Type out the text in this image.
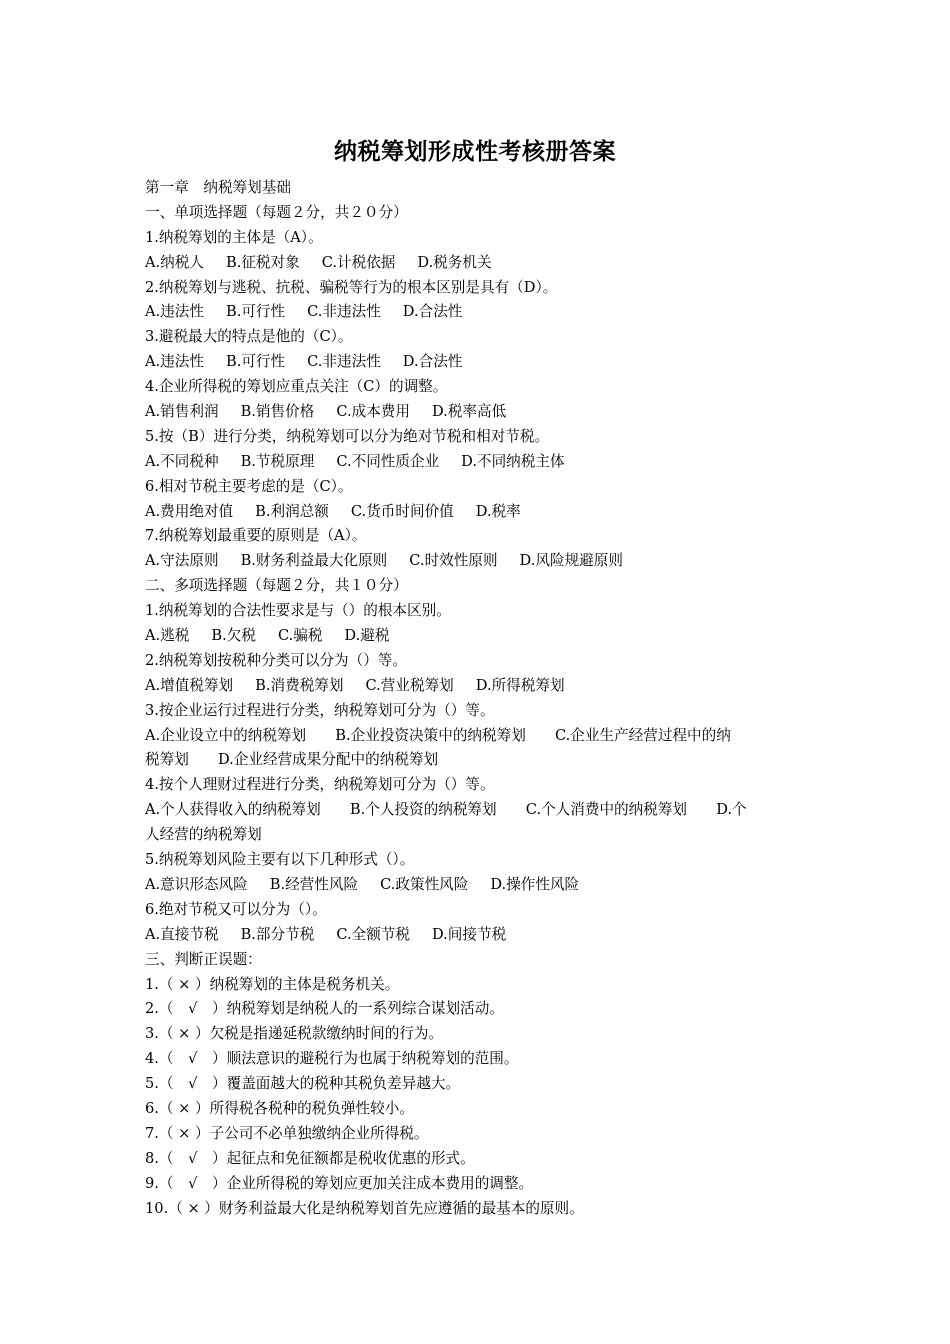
纳税筹划形成性考核册答案
第一章　纳税筹划基础
一、单项选择题（每题２分，共２０分）
1.纳税筹划的主体是（A）。
A.纳税人 B.征税对象 C.计税依据 D.税务机关
2.纳税筹划与逃税、抗税、骗税等行为的根本区别是具有（D）。
A.违法性 B.可行性 C.非违法性 D.合法性
3.避税最大的特点是他的（C）。
A.违法性 B.可行性 C.非违法性 D.合法性
4.企业所得税的筹划应重点关注（C）的调整。
A.销售利润 B.销售价格 C.成本费用 D.税率高低
5.按（B）进行分类，纳税筹划可以分为绝对节税和相对节税。
A.不同税种 B.节税原理 C.不同性质企业 D.不同纳税主体
6.相对节税主要考虑的是（C）。
A.费用绝对值 B.利润总额 C.货币时间价值 D.税率
7.纳税筹划最重要的原则是（A）。
A.守法原则 B.财务利益最大化原则 C.时效性原则 D.风险规避原则
二、多项选择题（每题２分，共１０分）
1.纳税筹划的合法性要求是与（）的根本区别。
A.逃税 B.欠税 C.骗税 D.避税
2.纳税筹划按税种分类可以分为（）等。
A.增值税筹划 B.消费税筹划 C.营业税筹划 D.所得税筹划
3.按企业运行过程进行分类，纳税筹划可分为（）等。
A.企业设立中的纳税筹划　　B.企业投资决策中的纳税筹划　　C.企业生产经营过程中的纳
税筹划　　D.企业经营成果分配中的纳税筹划
4.按个人理财过程进行分类，纳税筹划可分为（）等。
A.个人获得收入的纳税筹划　　B.个人投资的纳税筹划　　C.个人消费中的纳税筹划　　D.个
人经营的纳税筹划
5.纳税筹划风险主要有以下几种形式（）。
A.意识形态风险 B.经营性风险 C.政策性风险 D.操作性风险
6.绝对节税又可以分为（）。
A.直接节税 B.部分节税 C.全额节税 D.间接节税
三、判断正误题：
1.（ × ）纳税筹划的主体是税务机关。
2.（　√　）纳税筹划是纳税人的一系列综合谋划活动。
3.（ × ）欠税是指递延税款缴纳时间的行为。
4.（　√　）顺法意识的避税行为也属于纳税筹划的范围。
5.（　√　）覆盖面越大的税种其税负差异越大。
6.（ × ）所得税各税种的税负弹性较小。
7.（ × ）子公司不必单独缴纳企业所得税。
8.（　√　）起征点和免征额都是税收优惠的形式。
9.（　√　）企业所得税的筹划应更加关注成本费用的调整。
10.（ × ）财务利益最大化是纳税筹划首先应遵循的最基本的原则。
